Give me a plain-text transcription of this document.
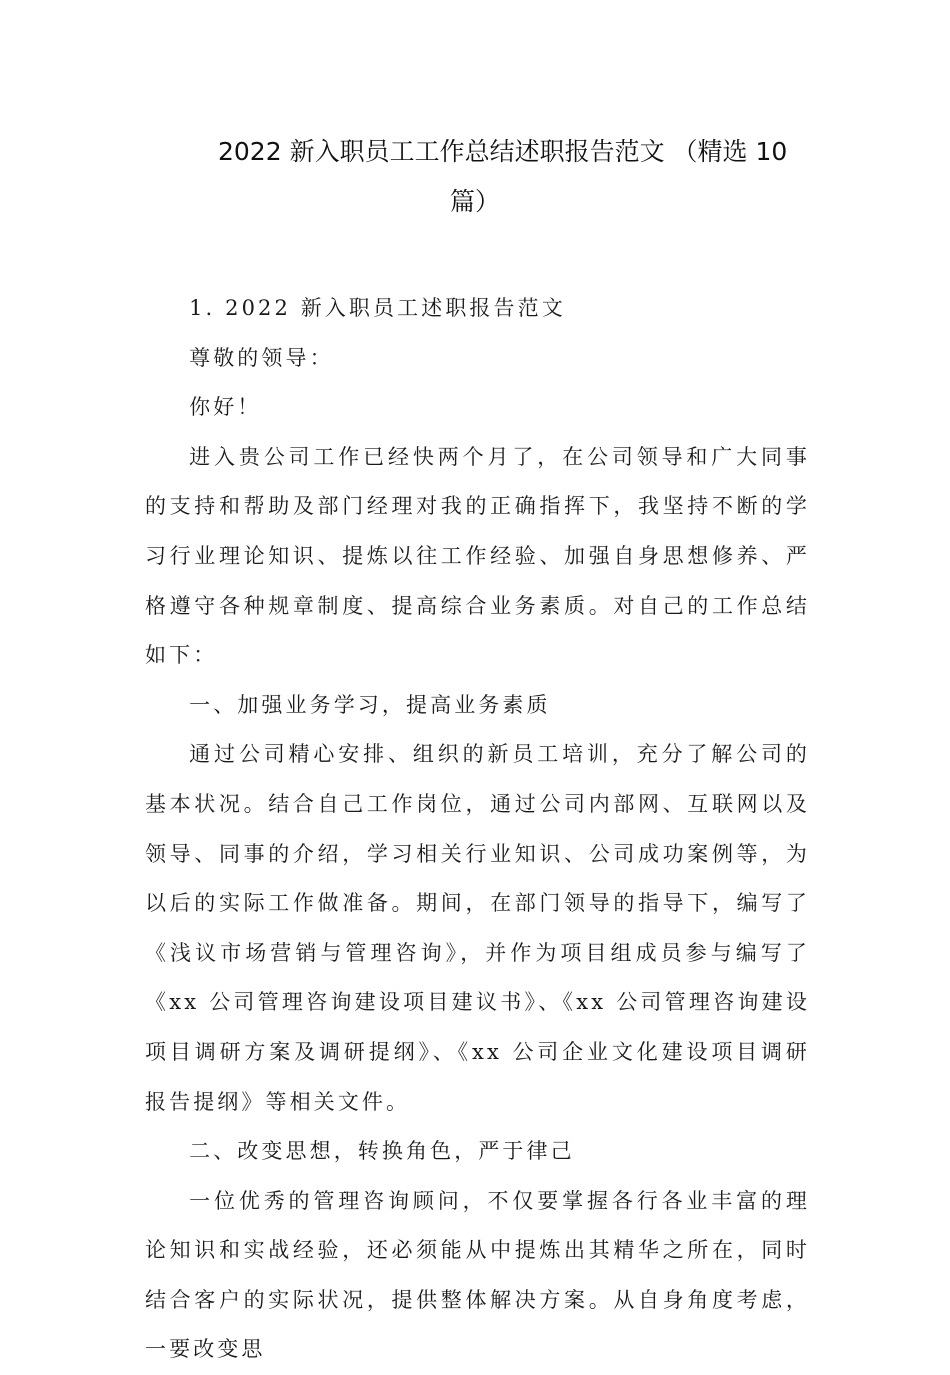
2022 新入职员工工作总结述职报告范文 （精选 10
篇）

1. 2022 新入职员工述职报告范文

尊敬的领导：

你好！

进入贵公司工作已经快两个月了，在公司领导和广大同事的支持和帮助及部门经理对我的正确指挥下，我坚持不断的学习行业理论知识、提炼以往工作经验、加强自身思想修养、严格遵守各种规章制度、提高综合业务素质。对自己的工作总结如下：

一、加强业务学习，提高业务素质

通过公司精心安排、组织的新员工培训，充分了解公司的基本状况。结合自己工作岗位，通过公司内部网、互联网以及领导、同事的介绍，学习相关行业知识、公司成功案例等，为以后的实际工作做准备。期间，在部门领导的指导下，编写了《浅议市场营销与管理咨询》，并作为项目组成员参与编写了《xx 公司管理咨询建设项目建议书》、《xx 公司管理咨询建设项目调研方案及调研提纲》、《xx 公司企业文化建设项目调研报告提纲》等相关文件。

二、改变思想，转换角色，严于律己

一位优秀的管理咨询顾问，不仅要掌握各行各业丰富的理论知识和实战经验，还必须能从中提炼出其精华之所在，同时结合客户的实际状况，提供整体解决方案。从自身角度考虑，一要改变思
